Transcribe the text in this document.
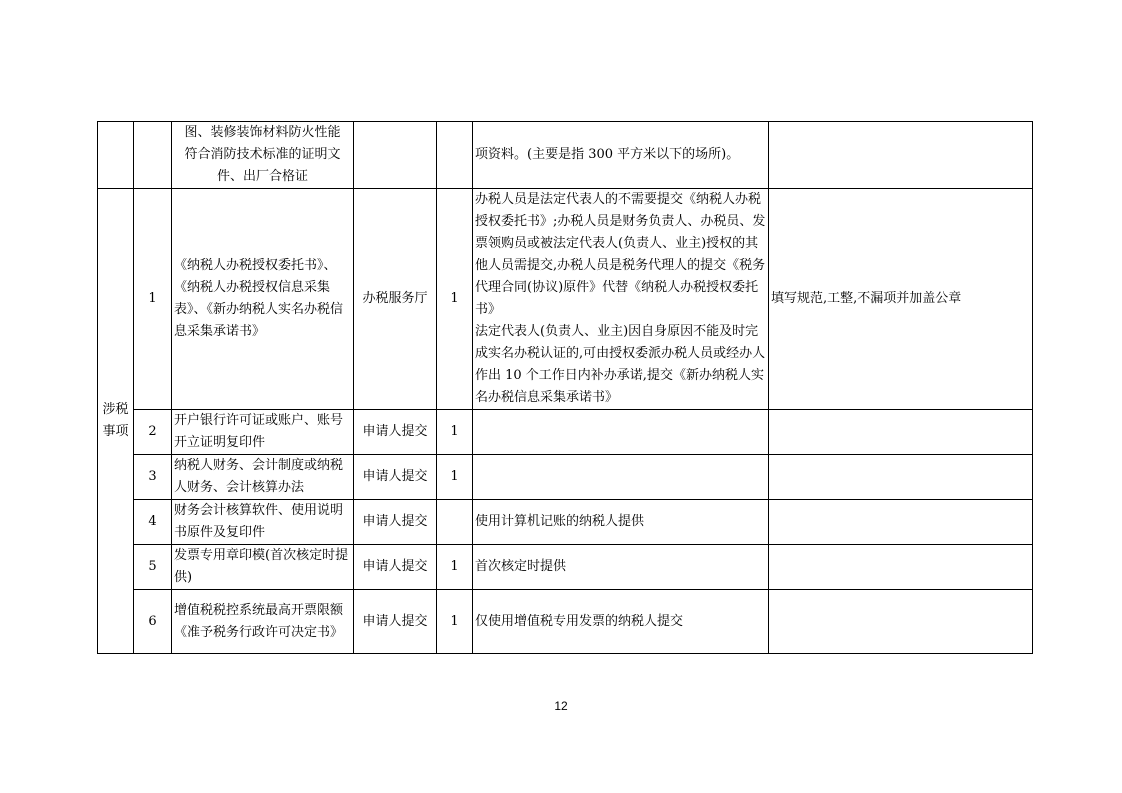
		图、装修装饰材料防火性能
符合消防技术标准的证明文
件、出厂合格证			项资料。(主要是指 300 平方米以下的场所)。	

涉税
事项	1	《纳税人办税授权委托书》、《纳税人办税授权信息采集表》、《新办纳税人实名办税信息采集承诺书》	办税服务厅	1	办税人员是法定代表人的不需要提交《纳税人办税授权委托书》;办税人员是财务负责人、办税员、发票领购员或被法定代表人(负责人、业主)授权的其他人员需提交,办税人员是税务代理人的提交《税务代理合同(协议)原件》代替《纳税人办税授权委托书》
法定代表人(负责人、业主)因自身原因不能及时完成实名办税认证的,可由授权委派办税人员或经办人作出 10 个工作日内补办承诺,提交《新办纳税人实名办税信息采集承诺书》	填写规范,工整,不漏项并加盖公章
	2	开户银行许可证或账户、账号开立证明复印件	申请人提交	1		
	3	纳税人财务、会计制度或纳税人财务、会计核算办法	申请人提交	1		
	4	财务会计核算软件、使用说明书原件及复印件	申请人提交		使用计算机记账的纳税人提供	
	5	发票专用章印模(首次核定时提供)	申请人提交	1	首次核定时提供	
	6	增值税税控系统最高开票限额《准予税务行政许可决定书》	申请人提交	1	仅使用增值税专用发票的纳税人提交	
12
